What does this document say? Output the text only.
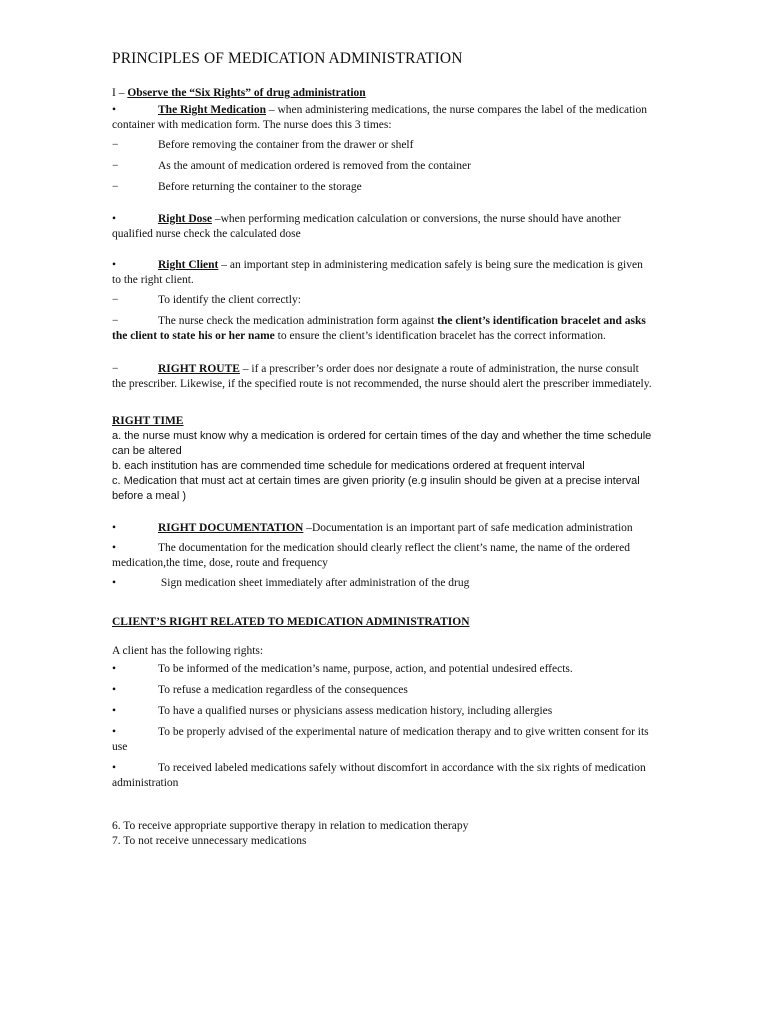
PRINCIPLES OF MEDICATION ADMINISTRATION
I – Observe the “Six Rights” of drug administration
•	The Right Medication – when administering medications, the nurse compares the label of the medication container with medication form. The nurse does this 3 times:
−	Before removing the container from the drawer or shelf
−	As the amount of medication ordered is removed from the container
−	Before returning the container to the storage
•	Right Dose –when performing medication calculation or conversions, the nurse should have another qualified nurse check the calculated dose
•	Right Client – an important step in administering medication safely is being sure the medication is given to the right client.
−	To identify the client correctly:
−	The nurse check the medication administration form against the client’s identification bracelet and asks the client to state his or her name to ensure the client’s identification bracelet has the correct information.
−	RIGHT ROUTE – if a prescriber’s order does nor designate a route of administration, the nurse consult the prescriber. Likewise, if the specified route is not recommended, the nurse should alert the prescriber immediately.
RIGHT TIME
a. the nurse must know why a medication is ordered for certain times of the day and whether the time schedule can be altered
b. each institution has are commended time schedule for medications ordered at frequent interval
c. Medication that must act at certain times are given priority (e.g insulin should be given at a precise interval before a meal )
•	RIGHT DOCUMENTATION –Documentation is an important part of safe medication administration
•	The documentation for the medication should clearly reflect the client’s name, the name of the ordered medication,the time, dose, route and frequency
•	Sign medication sheet immediately after administration of the drug
CLIENT’S RIGHT RELATED TO MEDICATION ADMINISTRATION
A client has the following rights:
•	To be informed of the medication’s name, purpose, action, and potential undesired effects.
•	To refuse a medication regardless of the consequences
•	To have a qualified nurses or physicians assess medication history, including allergies
•	To be properly advised of the experimental nature of medication therapy and to give written consent for its use
•	To received labeled medications safely without discomfort in accordance with the six rights of medication administration
6. To receive appropriate supportive therapy in relation to medication therapy
7. To not receive unnecessary medications
